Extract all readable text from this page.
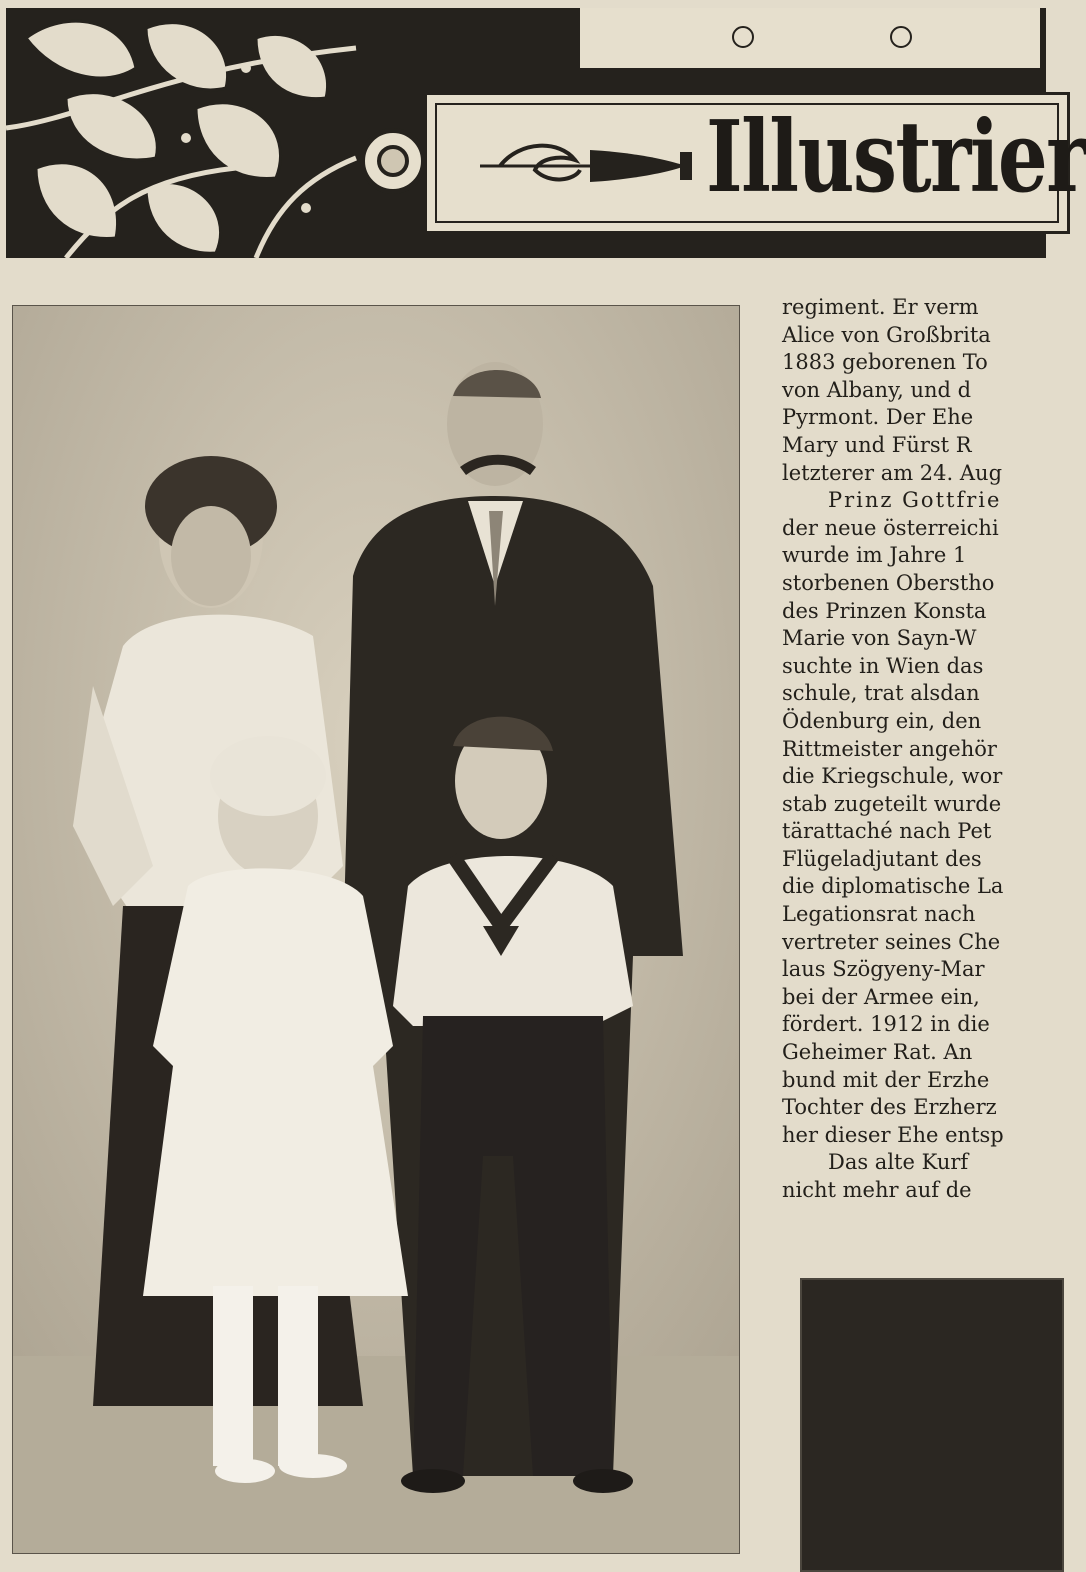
Illustrier
regiment. Er verm
Alice von Großbrita
1883 geborenen To
von Albany, und d
Pyrmont. Der Ehe
Mary und Fürst R
letzterer am 24. Aug
Prinz Gottfrie
der neue österreichi
wurde im Jahre 1
storbenen Oberstho
des Prinzen Konsta
Marie von Sayn-W
suchte in Wien das
schule, trat alsdan
Ödenburg ein, den
Rittmeister angehör
die Kriegschule, wor
stab zugeteilt wurde
tärattaché nach Pet
Flügeladjutant des
die diplomatische La
Legationsrat nach
vertreter seines Che
laus Szögyeny-Mar
bei der Armee ein,
fördert. 1912 in die
Geheimer Rat. An
bund mit der Erzhe
Tochter des Erzherz
her dieser Ehe entsp
Das alte Kurf
nicht mehr auf de
